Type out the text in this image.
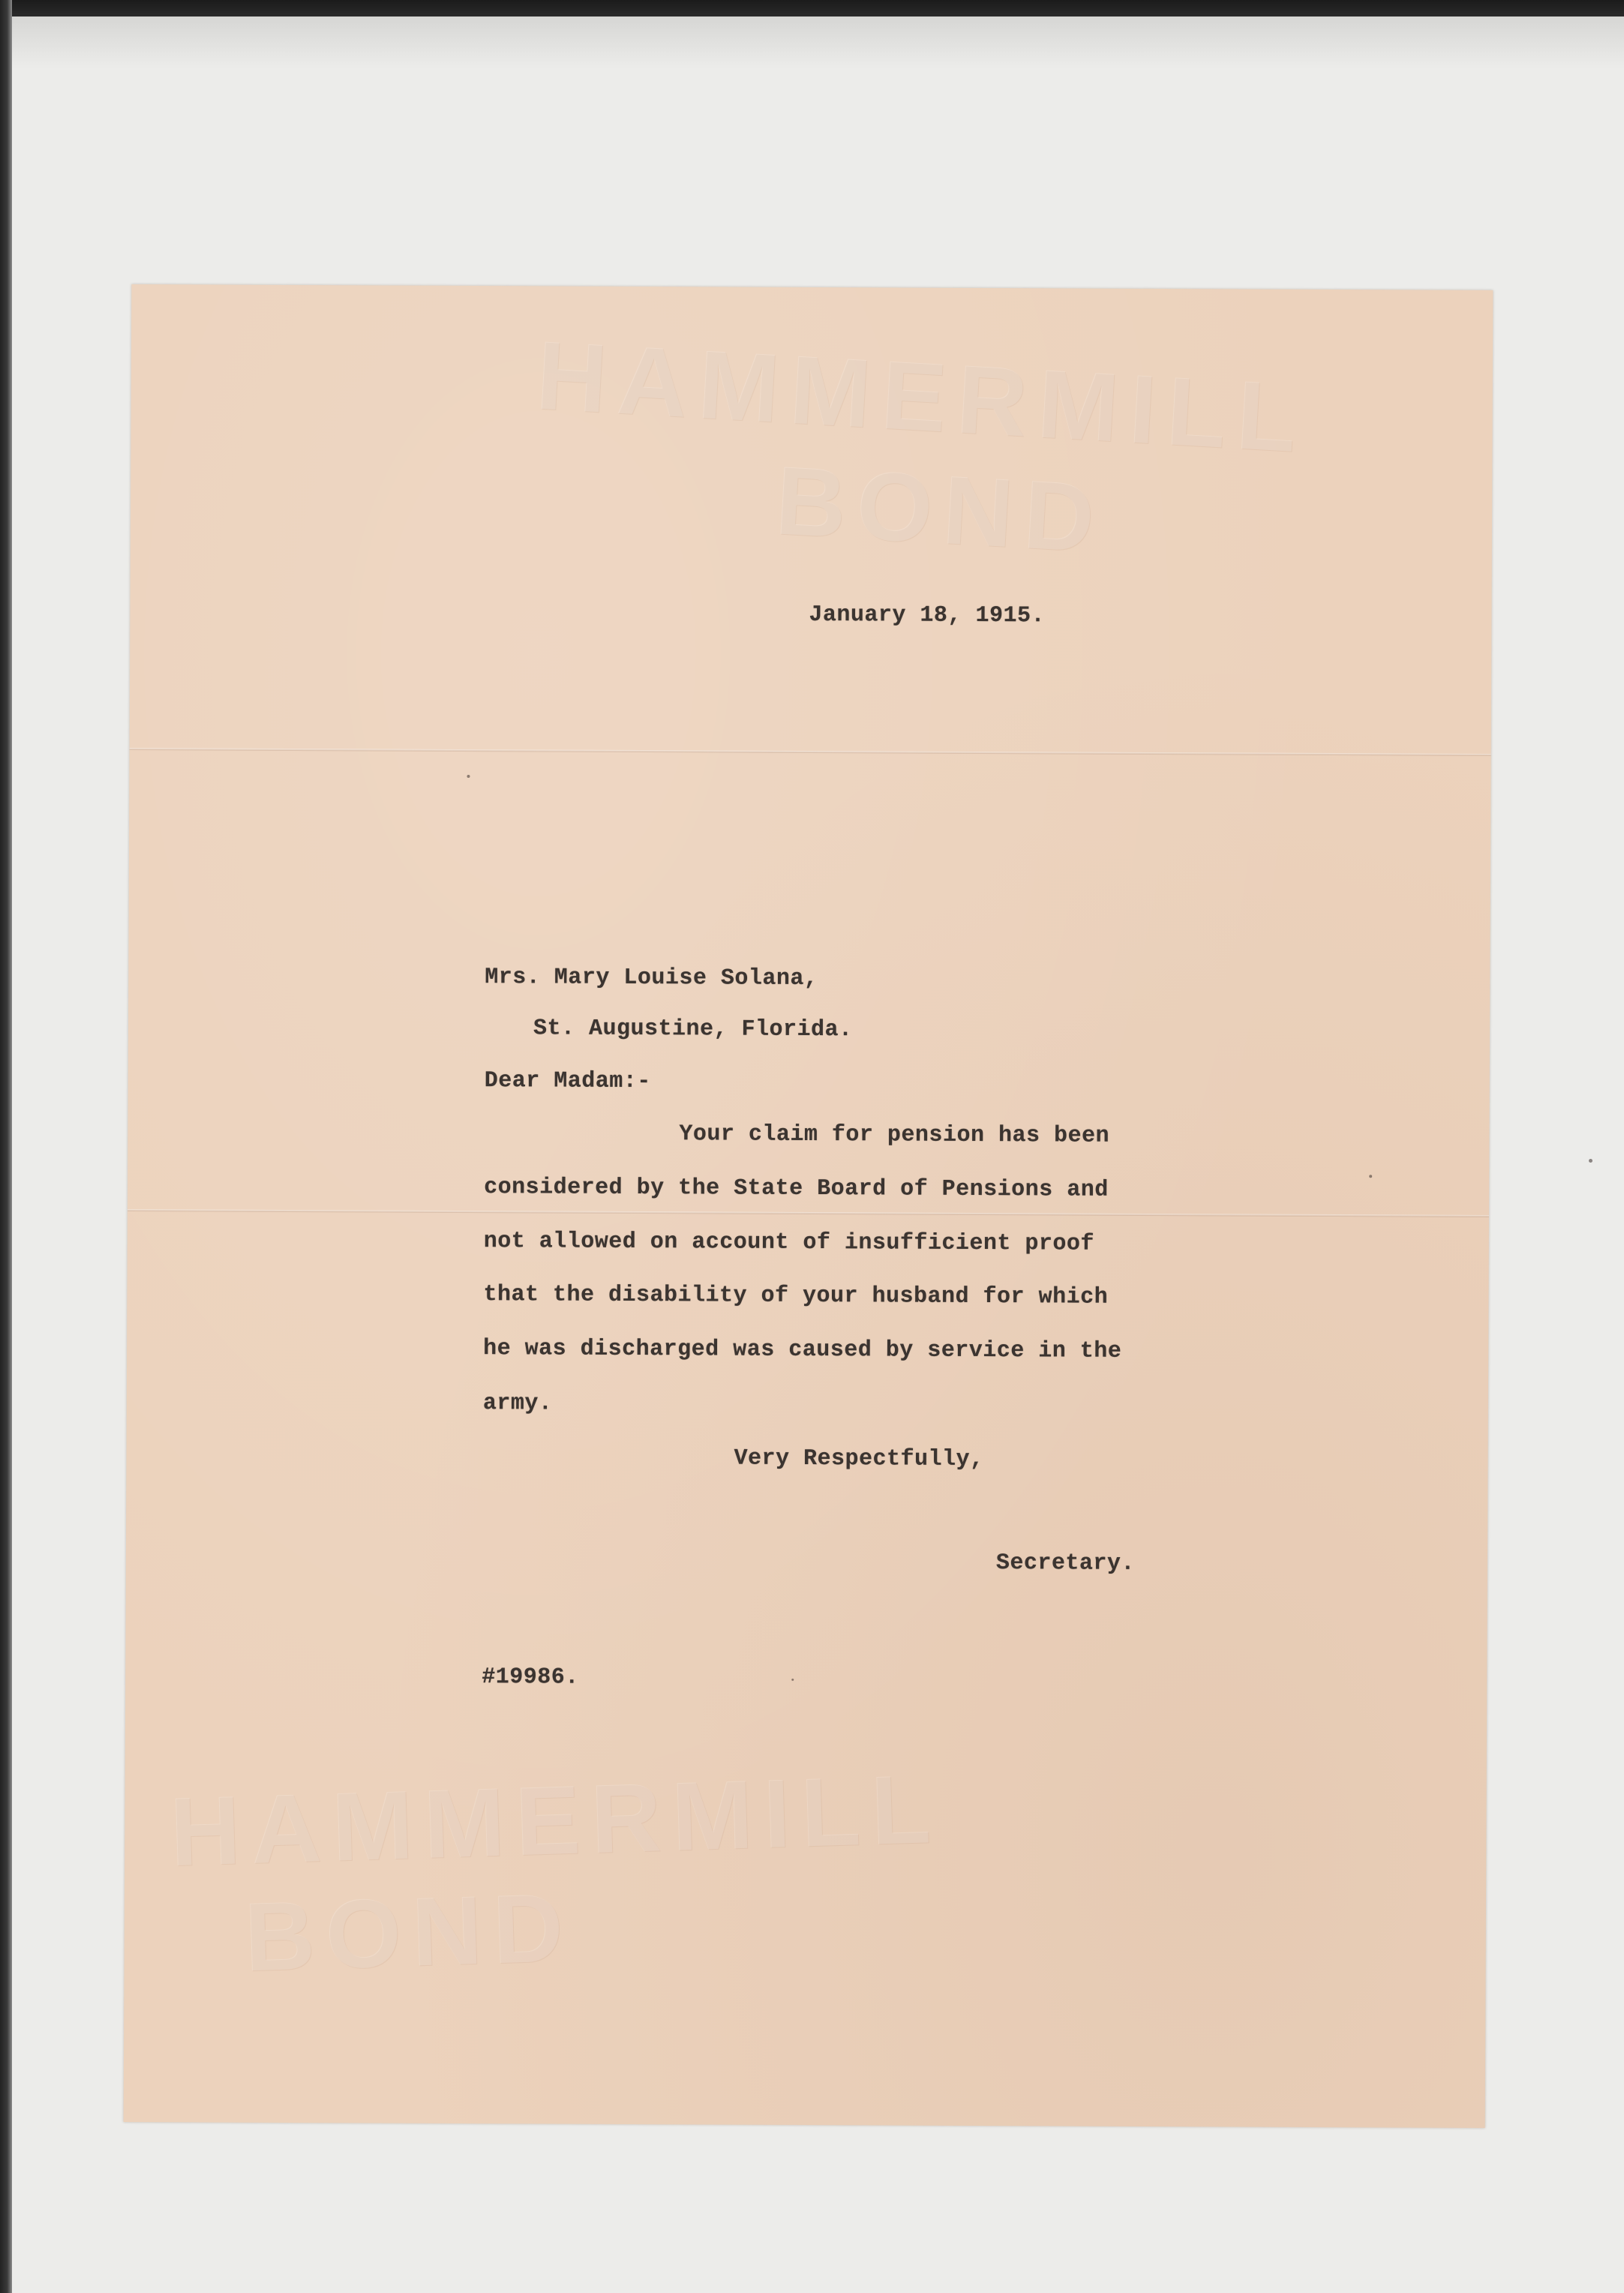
HAMMERMILL
BOND
HAMMERMILL
BOND
January 18, 1915.
Mrs. Mary Louise Solana,
St. Augustine, Florida.
Dear Madam:-
Your claim for pension has been
considered by the State Board of Pensions and
not allowed on account of insufficient proof
that the disability of your husband for which
he was discharged was caused by service in the
army.
Very Respectfully,
Secretary.
#19986.
